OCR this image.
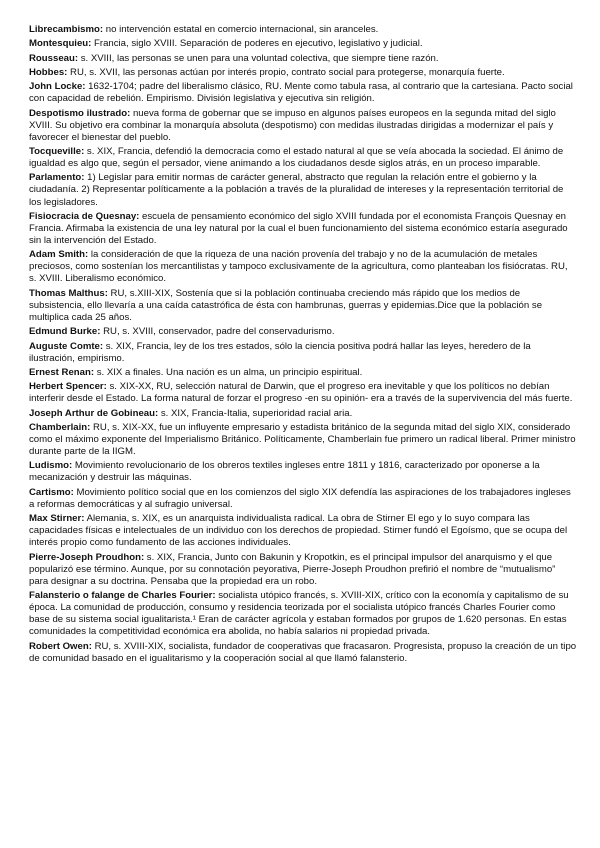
Librecambismo: no intervención estatal en comercio internacional, sin aranceles.

Montesquieu: Francia, siglo XVIII. Separación de poderes en ejecutivo, legislativo y judicial.

Rousseau: s. XVIII, las personas se unen para una voluntad colectiva, que siempre tiene razón.

Hobbes: RU, s. XVII, las personas actúan por interés propio, contrato social para protegerse, monarquía fuerte.

John Locke: 1632-1704; padre del liberalismo clásico, RU. Mente como tabula rasa, al contrario que la cartesiana. Pacto social con capacidad de rebelión. Empirismo. División legislativa y ejecutiva sin religión.

Despotismo ilustrado: nueva forma de gobernar que se impuso en algunos países europeos en la segunda mitad del siglo XVIII. Su objetivo era combinar la monarquía absoluta (despotismo) con medidas ilustradas dirigidas a modernizar el país y favorecer el bienestar del pueblo.

Tocqueville: s. XIX, Francia, defendió la democracia como el estado natural al que se veía abocada la sociedad. El ánimo de igualdad es algo que, según el persador, viene animando a los ciudadanos desde siglos atrás, en un proceso imparable.

Parlamento: 1) Legislar para emitir normas de carácter general, abstracto que regulan la relación entre el gobierno y la ciudadanía. 2) Representar políticamente a la población a través de la pluralidad de intereses y la representación territorial de los legisladores.

Fisiocracia de Quesnay: escuela de pensamiento económico del siglo XVIII fundada por el economista François Quesnay en Francia. Afirmaba la existencia de una ley natural por la cual el buen funcionamiento del sistema económico estaría asegurado sin la intervención del Estado.

Adam Smith: la consideración de que la riqueza de una nación provenía del trabajo y no de la acumulación de metales preciosos, como sostenían los mercantilistas y tampoco exclusivamente de la agricultura, como planteaban los fisiócratas. RU, s. XVIII. Liberalismo económico.

Thomas Malthus: RU, s.XIII-XIX, Sostenía que si la población continuaba creciendo más rápido que los medios de subsistencia, ello llevaría a una caída catastrófica de ésta con hambrunas, guerras y epidemias.Dice que la población se multiplica cada 25 años.

Edmund Burke: RU, s. XVIII, conservador, padre del conservadurismo.

Auguste Comte: s. XIX, Francia, ley de los tres estados, sólo la ciencia positiva podrá hallar las leyes, heredero de la ilustración, empirismo.

Ernest Renan: s. XIX a finales. Una nación es un alma, un principio espiritual.

Herbert Spencer: s. XIX-XX, RU, selección natural de Darwin, que el progreso era inevitable y que los políticos no debían interferir desde el Estado. La forma natural de forzar el progreso -en su opinión- era a través de la supervivencia del más fuerte.

Joseph Arthur de Gobineau: s. XIX, Francia-Italia, superioridad racial aria.

Chamberlain: RU, s. XIX-XX, fue un influyente empresario y estadista británico de la segunda mitad del siglo XIX, considerado como el máximo exponente del Imperialismo Británico. Políticamente, Chamberlain fue primero un radical liberal. Primer ministro durante parte de la IIGM.

Ludismo: Movimiento revolucionario de los obreros textiles ingleses entre 1811 y 1816, caracterizado por oponerse a la mecanización y destruir las máquinas.

Cartismo: Movimiento político social que en los comienzos del siglo XIX defendía las aspiraciones de los trabajadores ingleses a reformas democráticas y al sufragio universal.

Max Stirner: Alemania, s. XIX, es un anarquista individualista radical. La obra de Stirner El ego y lo suyo compara las capacidades físicas e intelectuales de un individuo con los derechos de propiedad. Stirner fundó el Egoísmo, que se ocupa del interés propio como fundamento de las acciones individuales.

Pierre-Joseph Proudhon: s. XIX, Francia, Junto con Bakunin y Kropotkin, es el principal impulsor del anarquismo y el que popularizó ese término. Aunque, por su connotación peyorativa, Pierre-Joseph Proudhon prefirió el nombre de “mutualismo” para designar a su doctrina. Pensaba que la propiedad era un robo.

Falansterio o falange de Charles Fourier: socialista utópico francés, s. XVIII-XIX, crítico con la economía y capitalismo de su época. La comunidad de producción, consumo y residencia teorizada por el socialista utópico francés Charles Fourier como base de su sistema social igualitarista.¹ Eran de carácter agrícola y estaban formados por grupos de 1.620 personas. En estas comunidades la competitividad económica era abolida, no había salarios ni propiedad privada.

Robert Owen: RU, s. XVIII-XIX, socialista, fundador de cooperativas que fracasaron. Progresista, propuso la creación de un tipo de comunidad basado en el igualitarismo y la cooperación social al que llamó falansterio.
